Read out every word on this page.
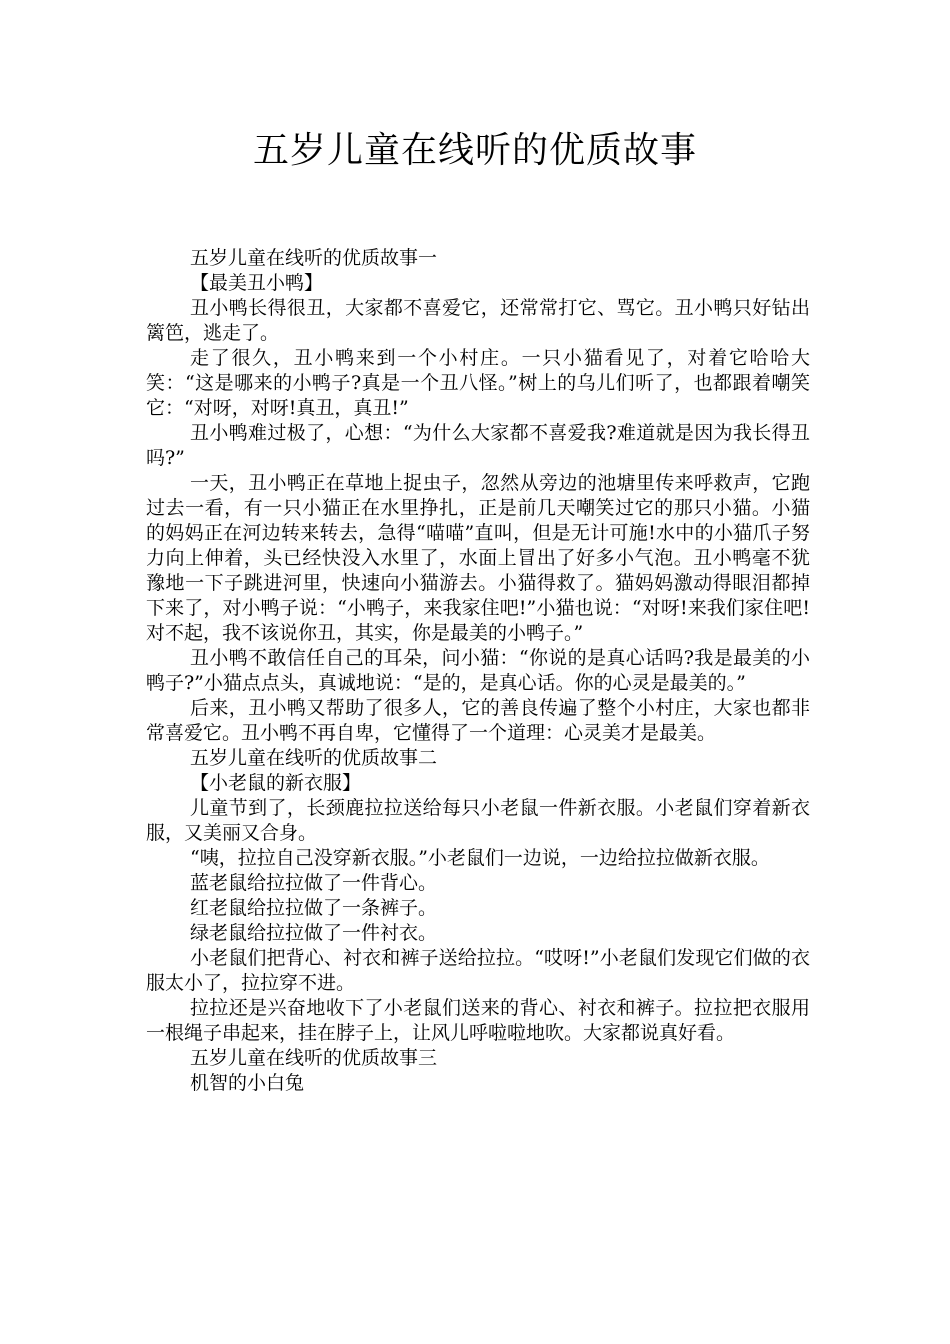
五岁儿童在线听的优质故事

五岁儿童在线听的优质故事一

【最美丑小鸭】

丑小鸭长得很丑，大家都不喜爱它，还常常打它、骂它。丑小鸭只好钻出篱笆，逃走了。

走了很久，丑小鸭来到一个小村庄。一只小猫看见了，对着它哈哈大笑：“这是哪来的小鸭子?真是一个丑八怪。”树上的乌儿们听了，也都跟着嘲笑它：“对呀，对呀!真丑，真丑!”

丑小鸭难过极了，心想：“为什么大家都不喜爱我?难道就是因为我长得丑吗?”

一天，丑小鸭正在草地上捉虫子，忽然从旁边的池塘里传来呼救声，它跑过去一看，有一只小猫正在水里挣扎，正是前几天嘲笑过它的那只小猫。小猫的妈妈正在河边转来转去，急得“喵喵”直叫，但是无计可施!水中的小猫爪子努力向上伸着，头已经快没入水里了，水面上冒出了好多小气泡。丑小鸭毫不犹豫地一下子跳进河里，快速向小猫游去。小猫得救了。猫妈妈激动得眼泪都掉下来了，对小鸭子说：“小鸭子，来我家住吧!”小猫也说：“对呀!来我们家住吧!对不起，我不该说你丑，其实，你是最美的小鸭子。”

丑小鸭不敢信任自己的耳朵，问小猫：“你说的是真心话吗?我是最美的小鸭子?”小猫点点头，真诚地说：“是的，是真心话。你的心灵是最美的。”

后来，丑小鸭又帮助了很多人，它的善良传遍了整个小村庄，大家也都非常喜爱它。丑小鸭不再自卑，它懂得了一个道理：心灵美才是最美。

五岁儿童在线听的优质故事二

【小老鼠的新衣服】

儿童节到了，长颈鹿拉拉送给每只小老鼠一件新衣服。小老鼠们穿着新衣服，又美丽又合身。

“咦，拉拉自己没穿新衣服。”小老鼠们一边说，一边给拉拉做新衣服。

蓝老鼠给拉拉做了一件背心。

红老鼠给拉拉做了一条裤子。

绿老鼠给拉拉做了一件衬衣。

小老鼠们把背心、衬衣和裤子送给拉拉。“哎呀!”小老鼠们发现它们做的衣服太小了，拉拉穿不进。

拉拉还是兴奋地收下了小老鼠们送来的背心、衬衣和裤子。拉拉把衣服用一根绳子串起来，挂在脖子上，让风儿呼啦啦地吹。大家都说真好看。

五岁儿童在线听的优质故事三

机智的小白兔
